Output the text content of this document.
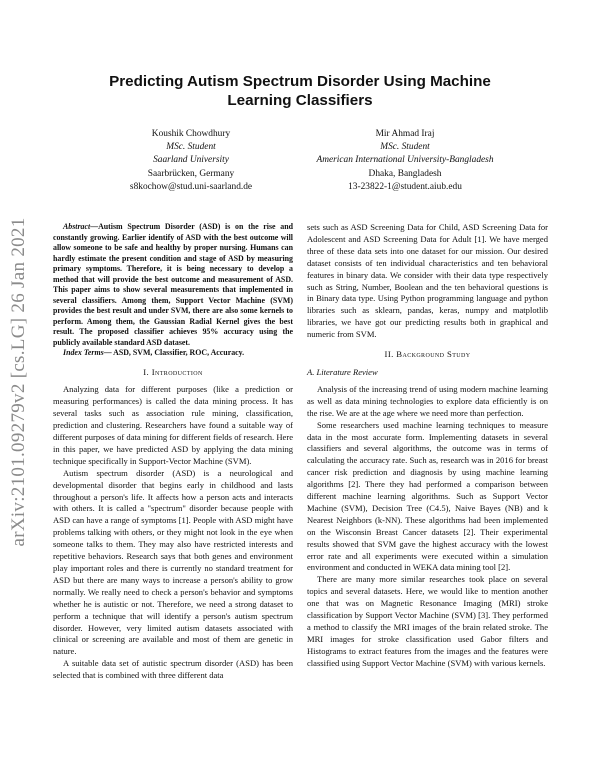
arXiv:2101.09279v2 [cs.LG] 26 Jan 2021
Predicting Autism Spectrum Disorder Using Machine Learning Classifiers
Koushik Chowdhury
MSc. Student
Saarland University
Saarbrücken, Germany
s8kochow@stud.uni-saarland.de
Mir Ahmad Iraj
MSc. Student
American International University-Bangladesh
Dhaka, Bangladesh
13-23822-1@student.aiub.edu

Abstract—Autism Spectrum Disorder (ASD) is on the rise and constantly growing. Earlier identify of ASD with the best outcome will allow someone to be safe and healthy by proper nursing. Humans can hardly estimate the present condition and stage of ASD by measuring primary symptoms. Therefore, it is being necessary to develop a method that will provide the best outcome and measurement of ASD. This paper aims to show several measurements that implemented in several classifiers. Among them, Support Vector Machine (SVM) provides the best result and under SVM, there are also some kernels to perform. Among them, the Gaussian Radial Kernel gives the best result. The proposed classifier achieves 95% accuracy using the publicly available standard ASD dataset.

Index Terms— ASD, SVM, Classifier, ROC, Accuracy.

I. Introduction

Analyzing data for different purposes (like a prediction or measuring performances) is called the data mining process. It has several tasks such as association rule mining, classification, prediction and clustering. Researchers have found a suitable way of different purposes of data mining for different fields of research. Here in this paper, we have predicted ASD by applying the data mining technique specifically in Support-Vector Machine (SVM).

Autism spectrum disorder (ASD) is a neurological and developmental disorder that begins early in childhood and lasts throughout a person's life. It affects how a person acts and interacts with others. It is called a "spectrum" disorder because people with ASD can have a range of symptoms [1]. People with ASD might have problems talking with others, or they might not look in the eye when someone talks to them. They may also have restricted interests and repetitive behaviors. Research says that both genes and environment play important roles and there is currently no standard treatment for ASD but there are many ways to increase a person's ability to grow normally. We really need to check a person's behavior and symptoms whether he is autistic or not. Therefore, we need a strong dataset to perform a technique that will identify a person's autism spectrum disorder. However, very limited autism datasets associated with clinical or screening are available and most of them are genetic in nature.

A suitable data set of autistic spectrum disorder (ASD) has been selected that is combined with three different data

sets such as ASD Screening Data for Child, ASD Screening Data for Adolescent and ASD Screening Data for Adult [1]. We have merged three of these data sets into one dataset for our mission. Our desired dataset consists of ten individual characteristics and ten behavioral features in binary data. We consider with their data type respectively such as String, Number, Boolean and the ten behavioral questions is in Binary data type. Using Python programming language and python libraries such as sklearn, pandas, keras, numpy and matplotlib libraries, we have got our predicting results both in graphical and numeric from SVM.

II. Background Study
A. Literature Review

Analysis of the increasing trend of using modern machine learning as well as data mining technologies to explore data efficiently is on the rise. We are at the age where we need more than perfection.

Some researchers used machine learning techniques to measure data in the most accurate form. Implementing datasets in several classifiers and several algorithms, the outcome was in terms of calculating the accuracy rate. Such as, research was in 2016 for breast cancer risk prediction and diagnosis by using machine learning algorithms [2]. There they had performed a comparison between different machine learning algorithms. Such as Support Vector Machine (SVM), Decision Tree (C4.5), Naive Bayes (NB) and k Nearest Neighbors (k-NN). These algorithms had been implemented on the Wisconsin Breast Cancer datasets [2]. Their experimental results showed that SVM gave the highest accuracy with the lowest error rate and all experiments were executed within a simulation environment and conducted in WEKA data mining tool [2].

There are many more similar researches took place on several topics and several datasets. Here, we would like to mention another one that was on Magnetic Resonance Imaging (MRI) stroke classification by Support Vector Machine (SVM) [3]. They performed a method to classify the MRI images of the brain related stroke. The MRI images for stroke classification used Gabor filters and Histograms to extract features from the images and the features were classified using Support Vector Machine (SVM) with various kernels.
